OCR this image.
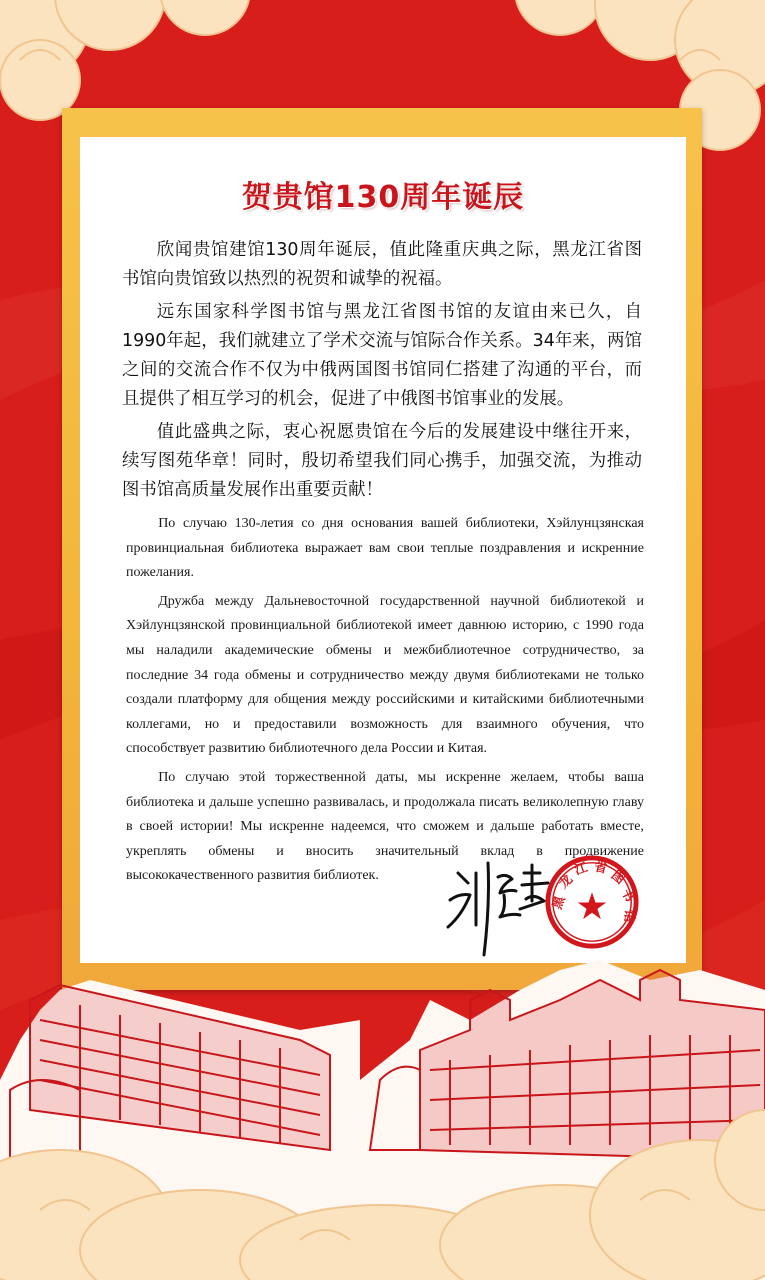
贺贵馆130周年诞辰

欣闻贵馆建馆130周年诞辰，值此隆重庆典之际，黑龙江省图书馆向贵馆致以热烈的祝贺和诚挚的祝福。

远东国家科学图书馆与黑龙江省图书馆的友谊由来已久，自1990年起，我们就建立了学术交流与馆际合作关系。34年来，两馆之间的交流合作不仅为中俄两国图书馆同仁搭建了沟通的平台，而且提供了相互学习的机会，促进了中俄图书馆事业的发展。

值此盛典之际，衷心祝愿贵馆在今后的发展建设中继往开来，续写图苑华章！同时，殷切希望我们同心携手，加强交流，为推动图书馆高质量发展作出重要贡献！

По случаю 130-летия со дня основания вашей библиотеки, Хэйлунцзянская провинциальная библиотека выражает вам свои теплые поздравления и искренние пожелания.

Дружба между Дальневосточной государственной научной библиотекой и Хэйлунцзянской провинциальной библиотекой имеет давнюю историю, с 1990 года мы наладили академические обмены и межбиблиотечное сотрудничество, за последние 34 года обмены и сотрудничество между двумя библиотеками не только создали платформу для общения между российскими и китайскими библиотечными коллегами, но и предоставили возможность для взаимного обучения, что способствует развитию библиотечного дела России и Китая.

По случаю этой торжественной даты, мы искренне желаем, чтобы ваша библиотека и дальше успешно развивалась, и продолжала писать великолепную главу в своей истории! Мы искренне надеемся, что сможем и дальше работать вместе, укреплять обмены и вносить значительный вклад в продвижение высококачественного развития библиотек.

黑
龙
江 省 图
书
馆
